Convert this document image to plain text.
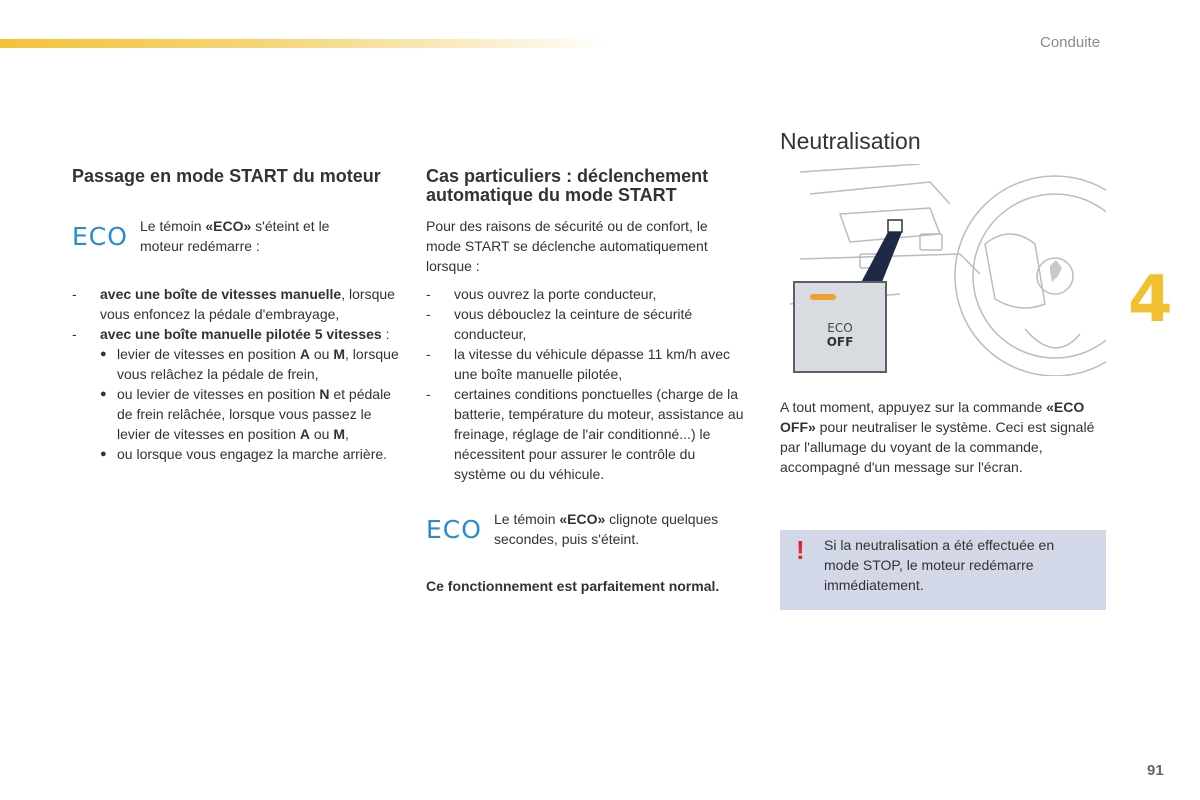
Conduite
4
91
Passage en mode START du moteur
ECO Le témoin «ECO» s'éteint et le moteur redémarre :

- avec une boîte de vitesses manuelle, lorsque vous enfoncez la pédale d'embrayage,
- avec une boîte manuelle pilotée 5 vitesses :
● levier de vitesses en position A ou M, lorsque vous relâchez la pédale de frein,
● ou levier de vitesses en position N et pédale de frein relâchée, lorsque vous passez le levier de vitesses en position A ou M,
● ou lorsque vous engagez la marche arrière.
Cas particuliers : déclenchement automatique du mode START

Pour des raisons de sécurité ou de confort, le mode START se déclenche automatiquement lorsque :

- vous ouvrez la porte conducteur,
- vous débouclez la ceinture de sécurité conducteur,
- la vitesse du véhicule dépasse 11 km/h avec une boîte manuelle pilotée,
- certaines conditions ponctuelles (charge de la batterie, température du moteur, assistance au freinage, réglage de l'air conditionné...) le nécessitent pour assurer le contrôle du système ou du véhicule.
ECO Le témoin «ECO» clignote quelques secondes, puis s'éteint.

Ce fonctionnement est parfaitement normal.

Neutralisation
ECO
OFF

A tout moment, appuyez sur la commande «ECO OFF» pour neutraliser le système. Ceci est signalé par l'allumage du voyant de la commande, accompagné d'un message sur l'écran.

! Si la neutralisation a été effectuée en mode STOP, le moteur redémarre immédiatement.
